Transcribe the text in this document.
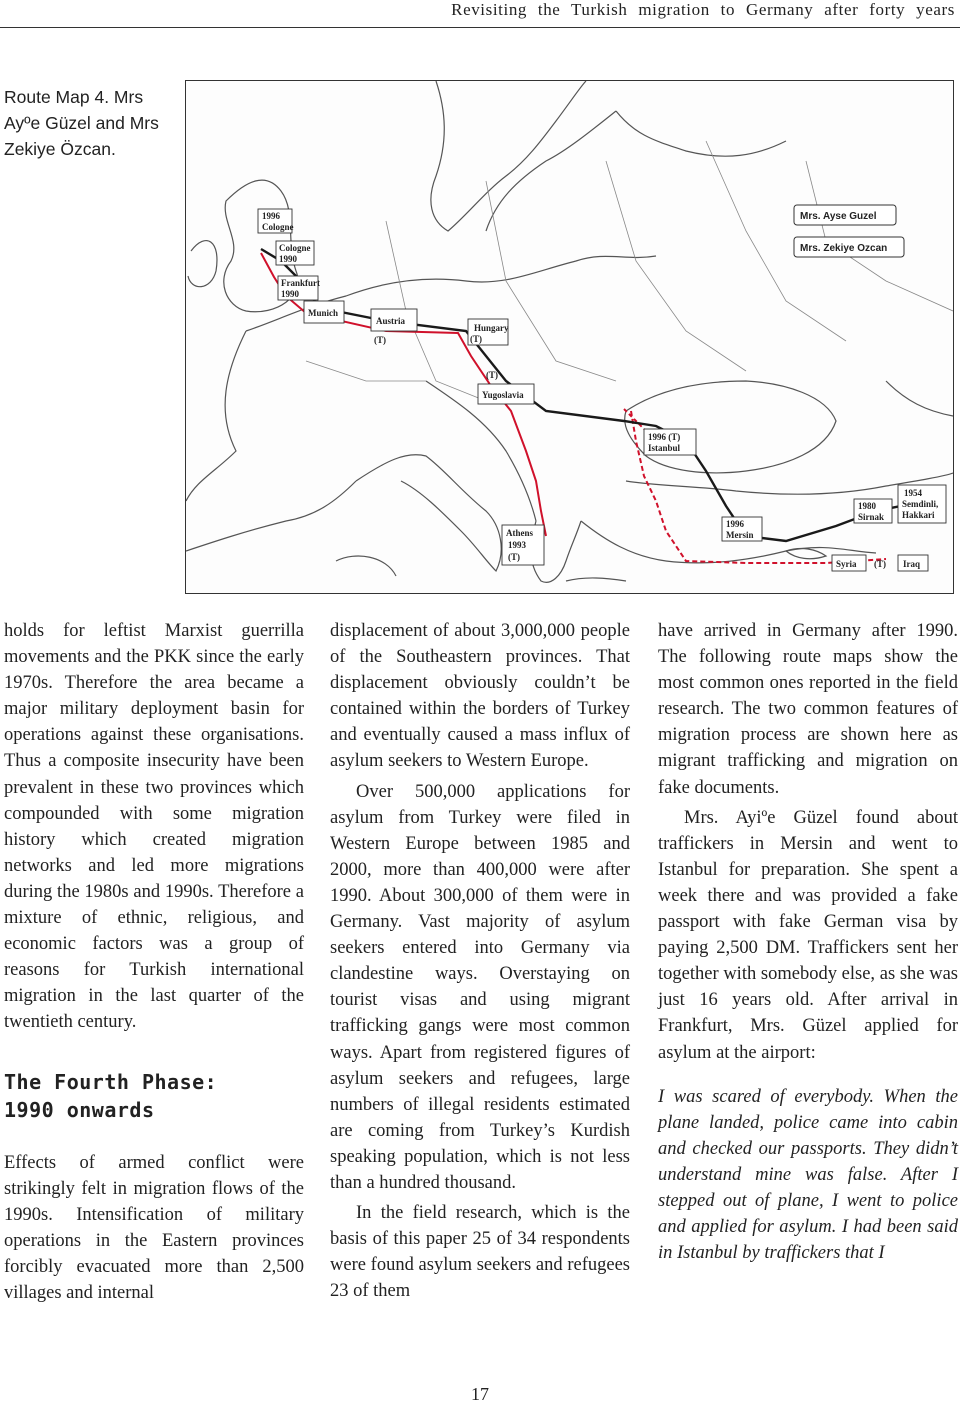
Revisiting the Turkish migration to Germany after forty years

Route Map 4. Mrs

Ayºe Güzel and Mrs

Zekiye Özcan.

Mrs. Ayse Guzel
Mrs. Zekiye Ozcan
1996
Cologne
Cologne
1990
Frankfurt
1990
Munich
Austria
(T)
Hungary
(T)
(T)
Yugoslavia
1996 (T)
Istanbul
1996
Mersin
1980
Sirnak
1954
Semdinli,
Hakkari
Athens
1993
(T)
Syria (T) Iraq

holds for leftist Marxist guerrilla movements and the PKK since the early 1970s. Therefore the area became a major military deployment basin for operations against these organisations. Thus a composite insecurity have been prevalent in these two provinces which compounded with some migration history which created migration networks and led more migrations during the 1980s and 1990s. Therefore a mixture of ethnic, religious, and economic factors was a group of reasons for Turkish international migration in the last quarter of the twentieth century.

The Fourth Phase:
1990 onwards

Effects of armed conflict were strikingly felt in migration flows of the 1990s. Intensification of military operations in the Eastern provinces forcibly evacuated more than 2,500 villages and internal

displacement of about 3,000,000 people of the Southeastern provinces. That displacement obviously couldn’t be contained within the borders of Turkey and eventually caused a mass influx of asylum seekers to Western Europe.

Over 500,000 applications for asylum from Turkey were filed in Western Europe between 1985 and 2000, more than 400,000 were after 1990. About 300,000 of them were in Germany. Vast majority of asylum seekers entered into Germany via clandestine ways. Overstaying on tourist visas and using migrant trafficking gangs were most common ways. Apart from registered figures of asylum seekers and refugees, large numbers of illegal residents estimated are coming from Turkey’s Kurdish speaking population, which is not less than a hundred thousand.

In the field research, which is the basis of this paper 25 of 34 respondents were found asylum seekers and refugees 23 of them

have arrived in Germany after 1990. The following route maps show the most common ones reported in the field research. The two common features of migration process are shown here as migrant trafficking and migration on fake documents.

Mrs. Ayiºe Güzel found about traffickers in Mersin and went to Istanbul for preparation. She spent a week there and was provided a fake passport with fake German visa by paying 2,500 DM. Traffickers sent her together with somebody else, as she was just 16 years old. After arrival in Frankfurt, Mrs. Güzel applied for asylum at the airport:

I was scared of everybody. When the plane landed, police came into cabin and checked our passports. They didn’t understand mine was false. After I stepped out of plane, I went to police and applied for asylum. I had been said in Istanbul by traffickers that I

17
